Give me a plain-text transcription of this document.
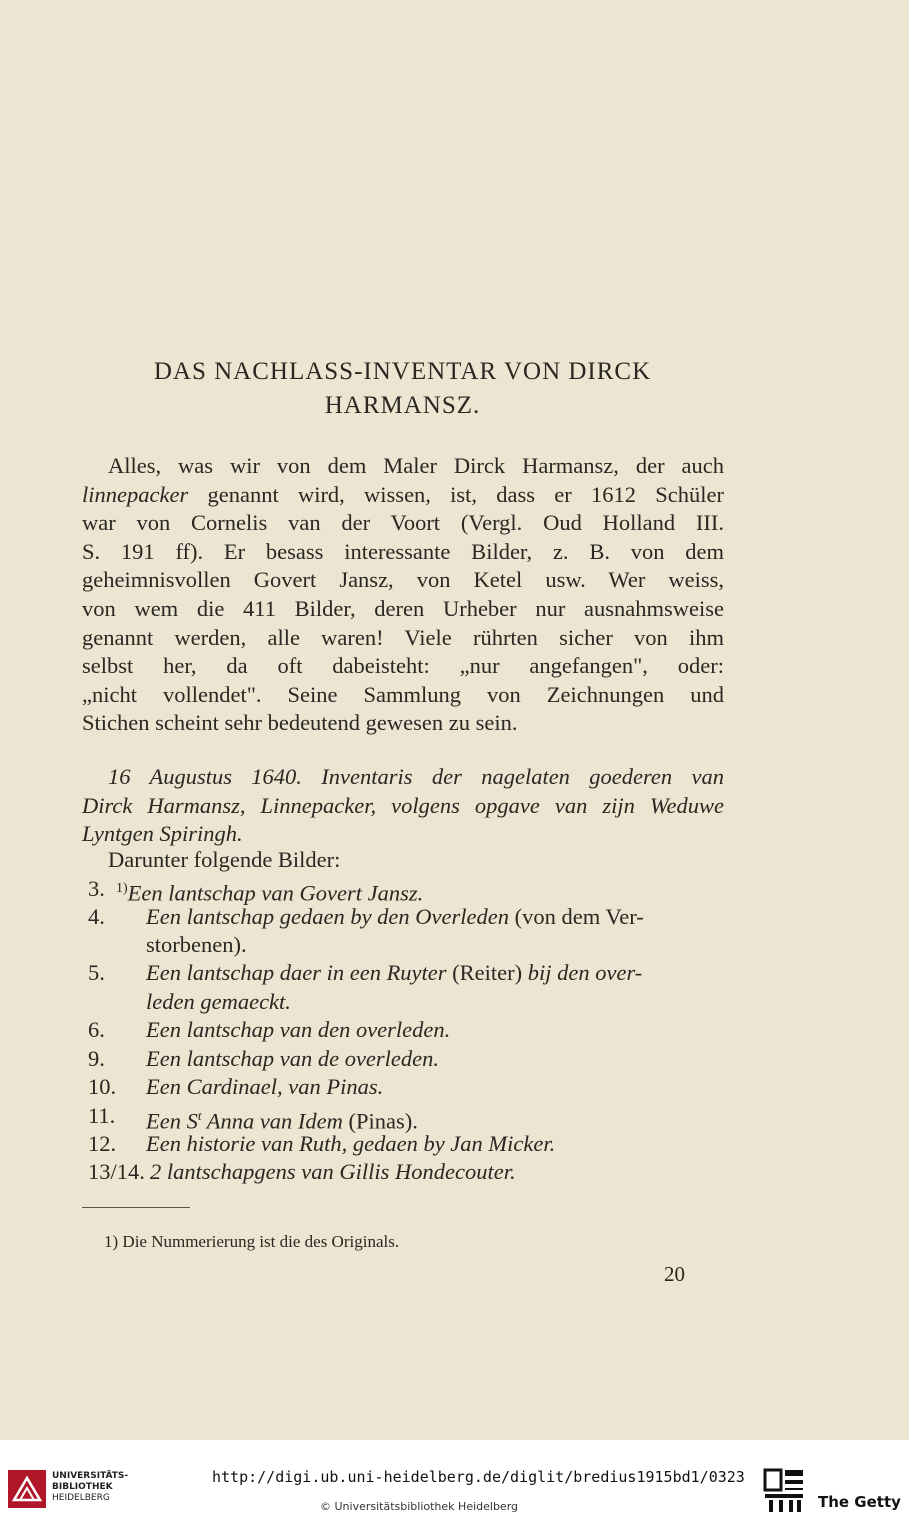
DAS NACHLASS-INVENTAR VON DIRCK
HARMANSZ.
Alles, was wir von dem Maler Dirck Harmansz, der auch
linnepacker genannt wird, wissen, ist, dass er 1612 Schüler
war von Cornelis van der Voort (Vergl. Oud Holland III.
S. 191 ff). Er besass interessante Bilder, z. B. von dem
geheimnisvollen Govert Jansz, von Ketel usw. Wer weiss,
von wem die 411 Bilder, deren Urheber nur ausnahmsweise
genannt werden, alle waren! Viele rührten sicher von ihm
selbst her, da oft dabeisteht: „nur angefangen", oder:
„nicht vollendet". Seine Sammlung von Zeichnungen und
Stichen scheint sehr bedeutend gewesen zu sein.
16 Augustus 1640. Inventaris der nagelaten goederen van
Dirck Harmansz, Linnepacker, volgens opgave van zijn Weduwe
Lyntgen Spiringh.
Darunter folgende Bilder:
3. $^{1)}$Een lantschap van Govert Jansz.
4. Een lantschap gedaen by den Overleden (von dem Ver-
storbenen).
5. Een lantschap daer in een Ruyter (Reiter) bij den over-
leden gemaeckt.
6. Een lantschap van den overleden.
9. Een lantschap van de overleden.
10. Een Cardinael, van Pinas.
11. Een $S^t$ Anna van Idem (Pinas).
12. Een historie van Ruth, gedaen by Jan Micker.
13/14. 2 lantschapgens van Gillis Hondecouter.
1) Die Nummerierung ist die des Originals.
20
UNIVERSITÄTS-
BIBLIOTHEK
HEIDELBERG
http://digi.ub.uni-heidelberg.de/diglit/bredius1915bd1/0323
© Universitätsbibliothek Heidelberg	The Getty
